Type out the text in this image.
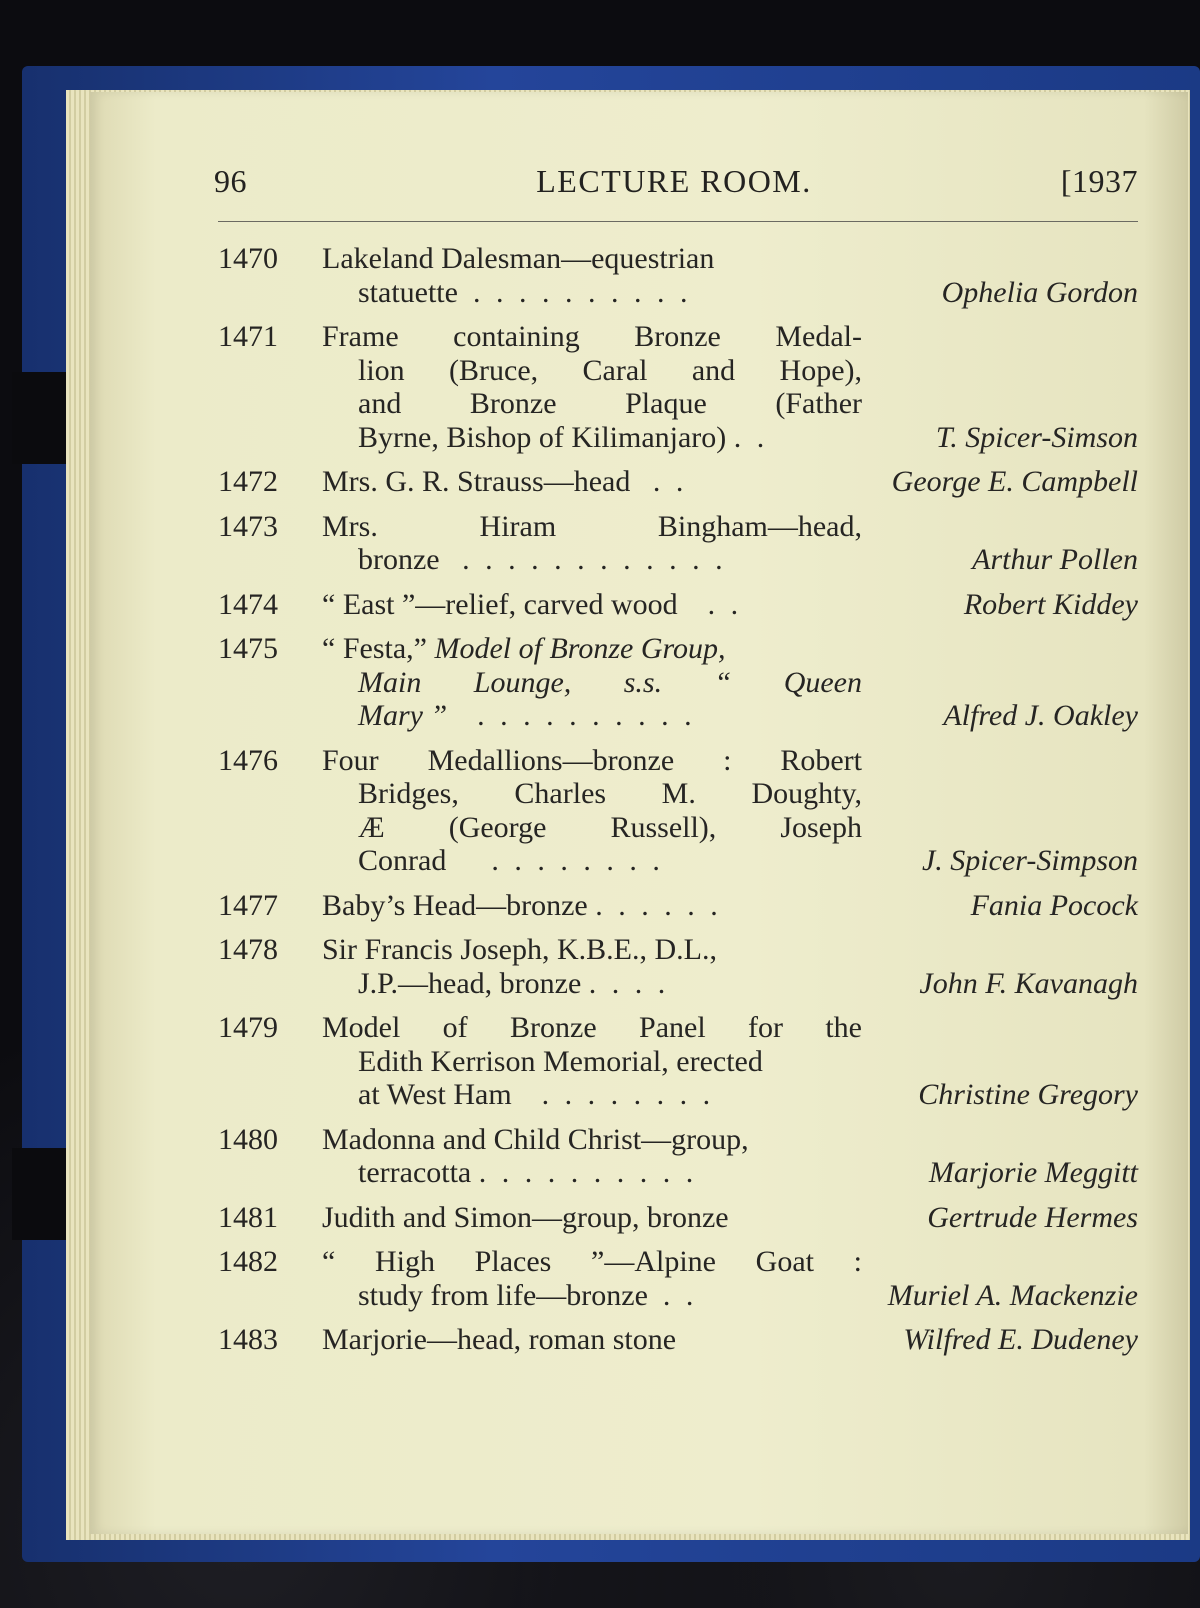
96	LECTURE ROOM.	[1937
1470 Lakeland Dalesman—equestrian
statuette . . . . . . . . . .	Ophelia Gordon
1471 Frame containing Bronze Medal-
lion (Bruce, Caral and Hope),
and Bronze Plaque (Father
Byrne, Bishop of Kilimanjaro) . .	T. Spicer-Simson
1472 Mrs. G. R. Strauss—head . .	George E. Campbell
1473 Mrs. Hiram Bingham—head,
bronze . . . . . . . . . . . .	Arthur Pollen
1474 “ East ”—relief, carved wood . .	Robert Kiddey
1475 “ Festa,” Model of Bronze Group,
Main Lounge, s.s. “ Queen
Mary ” . . . . . . . . . .	Alfred J. Oakley
1476 Four Medallions—bronze : Robert
Bridges, Charles M. Doughty,
Æ (George Russell), Joseph
Conrad . . . . . . . .	J. Spicer-Simpson
1477 Baby’s Head—bronze . . . . . .	Fania Pocock
1478 Sir Francis Joseph, K.B.E., D.L.,
J.P.—head, bronze . . . .	John F. Kavanagh
1479 Model of Bronze Panel for the
Edith Kerrison Memorial, erected
at West Ham . . . . . . . .	Christine Gregory
1480 Madonna and Child Christ—group,
terracotta . . . . . . . . . .	Marjorie Meggitt
1481 Judith and Simon—group, bronze	Gertrude Hermes
1482 “ High Places ”—Alpine Goat :
study from life—bronze . .	Muriel A. Mackenzie
1483 Marjorie—head, roman stone	Wilfred E. Dudeney
